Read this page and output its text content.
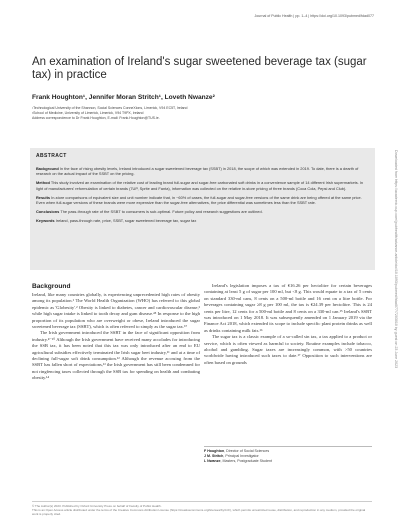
Journal of Public Health | pp. 1–4 | https://doi.org/10.1093/pubmed/fdad077
Downloaded from https://academic.oup.com/jpubhealth/advance-article/doi/10.1093/pubmed/fdad077/7203010 by guest on 23 June 2023
An examination of Ireland's sugar sweetened beverage tax (sugar tax) in practice
Frank Houghton¹, Jennifer Moran Stritch¹, Loveth Nwanze²
¹Technological University of the Shannon, Social Sciences ConneXions, Limerick, V94 EC5T, Ireland
²School of Medicine, University of Limerick, Limerick, V94 T9PX, Ireland
Address correspondence to Dr Frank Houghton, E-mail: Frank.Houghton@TUS.ie.
ABSTRACT

Background In the face of rising obesity levels, Ireland introduced a sugar sweetened beverage tax (SSBT) in 2018, the scope of which was extended in 2019. To date, there is a dearth of research on the actual impact of the SSBT on the pricing.

Method This study involved an examination of the relative cost of leading brand full-sugar and sugar-free carbonated soft drinks in a convenience sample of 14 different Irish supermarkets. In light of manufacturers' reformulation of certain brands (7UP, Sprite and Fanta), information was collected on the relative in-store pricing of three brands (Coca Cola, Pepsi and Club).

Results In-store comparisons of equivalent size and unit number indicate that, in ~60% of cases, the full-sugar and sugar-free versions of the same drink are being offered at the same price. Even when full-sugar versions of these brands were more expensive than the sugar-free alternatives, the price differential was sometimes less than the SSBT rate.

Conclusions The pass-through rate of the SSBT to consumers is sub-optimal. Future policy and research suggestions are outlined.

Keywords Ireland, pass-through rate, price, SSBT, sugar sweetened beverage tax, sugar tax

Background

Ireland, like many countries globally, is experiencing unprecedented high rates of obesity among its population.¹ The World Health Organization (WHO) has referred to this global epidemic as 'Globesity'.² Obesity is linked to diabetes, cancer and cardiovascular disease,³ while high sugar intake is linked to tooth decay and gum disease.⁴⁵ In response to the high proportion of its population who are overweight or obese, Ireland introduced the sugar sweetened beverage tax (SSBT), which is often referred to simply as the sugar tax.⁶⁷

The Irish government introduced the SSBT in the face of significant opposition from industry.⁸⁻¹⁰ Although the Irish government have received many accolades for introducing the SSB tax, it has been noted that this tax was only introduced after an end to EU agricultural subsidies effectively terminated the Irish sugar beet industry,¹¹ and at a time of declining full-sugar soft drink consumption.¹² Although the revenue accruing from the SSBT has fallen short of expectations,¹³ the Irish government has still been condemned for not ringfencing taxes collected through the SSB tax for spending on health and combating obesity.¹⁴

Ireland's legislation imposes a tax of €16.26 per hectolitre for certain beverages containing at least 5 g of sugar per 100 ml, but <8 g. This would equate to a tax of 5 cents on standard 330-ml cans, 8 cents on a 500-ml bottle and 16 cent on a litre bottle. For beverages containing sugar ≥8 g per 100 ml, the tax is €24.39 per hectolitre. This is 24 cents per litre, 12 cents for a 500-ml bottle and 8 cents on a 330-ml can.¹⁵ Ireland's SSBT was introduced on 1 May 2018. It was subsequently amended on 1 January 2019 via the Finance Act 2018, which extended its scope to include specific plant protein drinks as well as drinks containing milk fats.¹⁶

The sugar tax is a classic example of a so-called sin tax, a tax applied to a product or service, which is often viewed as harmful to society. Routine examples include tobacco, alcohol and gambling. Sugar taxes are increasingly common, with >50 countries worldwide having introduced such taxes to date.¹⁷ Opposition to such interventions are often based on grounds

F Houghton, Director of Social Sciences
J M. Stritch, Principal Investigator
L Nwanze, Masters, Postgraduate Student
© The Author(s) 2023. Published by Oxford University Press on behalf of Faculty of Public Health.
This is an Open Access article distributed under the terms of the Creative Commons Attribution License (https://creativecommons.org/licenses/by/4.0/), which permits unrestricted reuse, distribution, and reproduction in any medium, provided the original work is properly cited.
